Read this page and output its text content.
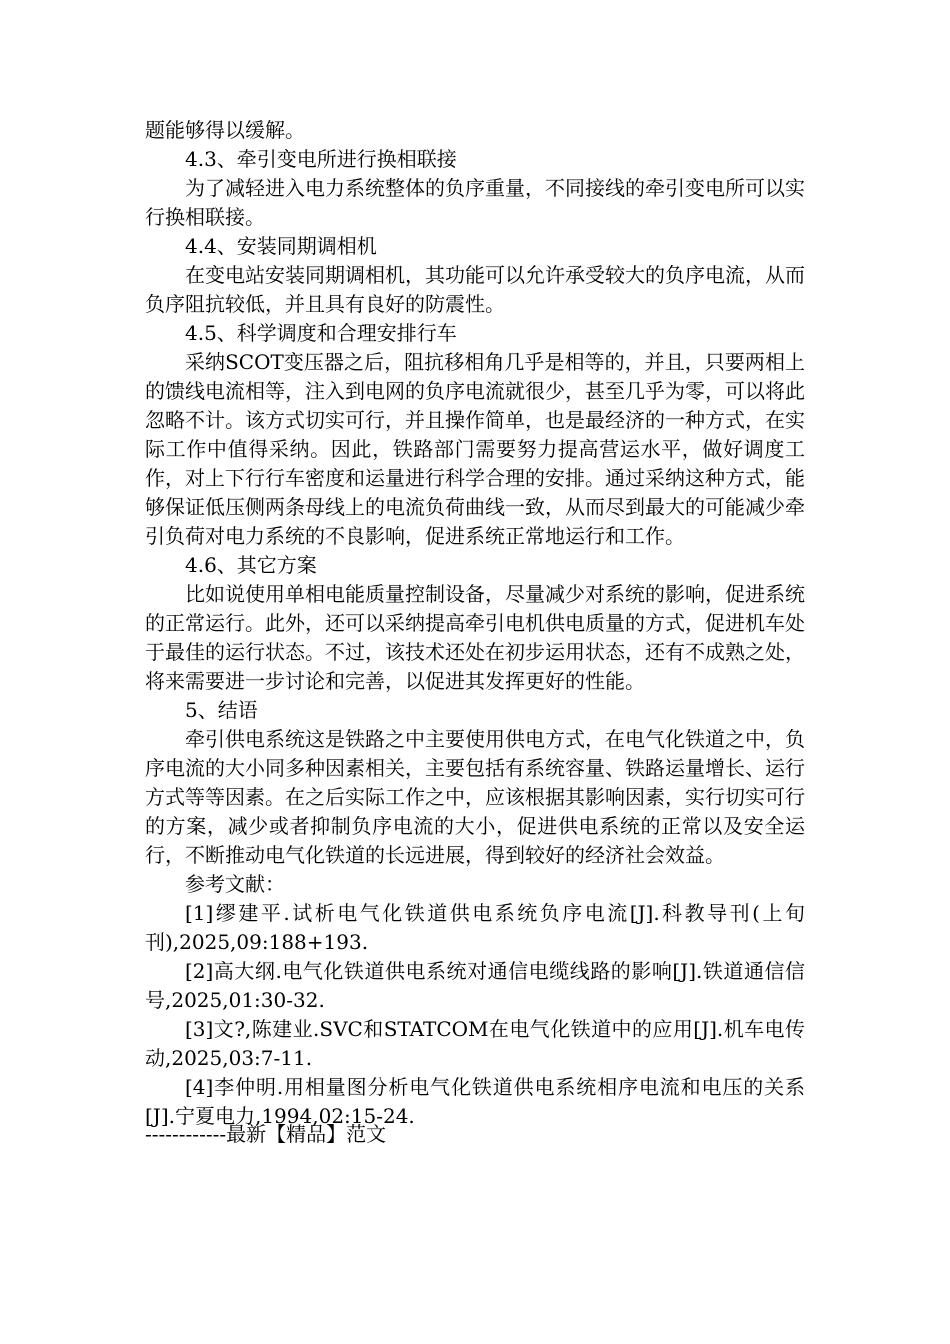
题能够得以缓解。

4.3、牵引变电所进行换相联接

为了减轻进入电力系统整体的负序重量，不同接线的牵引变电所可以实行换相联接。

4.4、安装同期调相机

在变电站安装同期调相机，其功能可以允许承受较大的负序电流，从而负序阻抗较低，并且具有良好的防震性。

4.5、科学调度和合理安排行车

采纳SCOT变压器之后，阻抗移相角几乎是相等的，并且，只要两相上的馈线电流相等，注入到电网的负序电流就很少，甚至几乎为零，可以将此忽略不计。该方式切实可行，并且操作简单，也是最经济的一种方式，在实际工作中值得采纳。因此，铁路部门需要努力提高营运水平，做好调度工作，对上下行行车密度和运量进行科学合理的安排。通过采纳这种方式，能够保证低压侧两条母线上的电流负荷曲线一致，从而尽到最大的可能减少牵引负荷对电力系统的不良影响，促进系统正常地运行和工作。

4.6、其它方案

比如说使用单相电能质量控制设备，尽量减少对系统的影响，促进系统的正常运行。此外，还可以采纳提高牵引电机供电质量的方式，促进机车处于最佳的运行状态。不过，该技术还处在初步运用状态，还有不成熟之处，将来需要进一步讨论和完善，以促进其发挥更好的性能。

5、结语

牵引供电系统这是铁路之中主要使用供电方式，在电气化铁道之中，负序电流的大小同多种因素相关，主要包括有系统容量、铁路运量增长、运行方式等等因素。在之后实际工作之中，应该根据其影响因素，实行切实可行的方案，减少或者抑制负序电流的大小，促进供电系统的正常以及安全运行，不断推动电气化铁道的长远进展，得到较好的经济社会效益。

参考文献：

[1]缪建平.试析电气化铁道供电系统负序电流[J].科教导刊(上旬刊),2025,09:188+193.

[2]高大纲.电气化铁道供电系统对通信电缆线路的影响[J].铁道通信信号,2025,01:30-32.

[3]文?,陈建业.SVC和STATCOM在电气化铁道中的应用[J].机车电传动,2025,03:7-11.

[4]李仲明.用相量图分析电气化铁道供电系统相序电流和电压的关系[J].宁夏电力,1994,02:15-24.

------------最新【精品】范文
